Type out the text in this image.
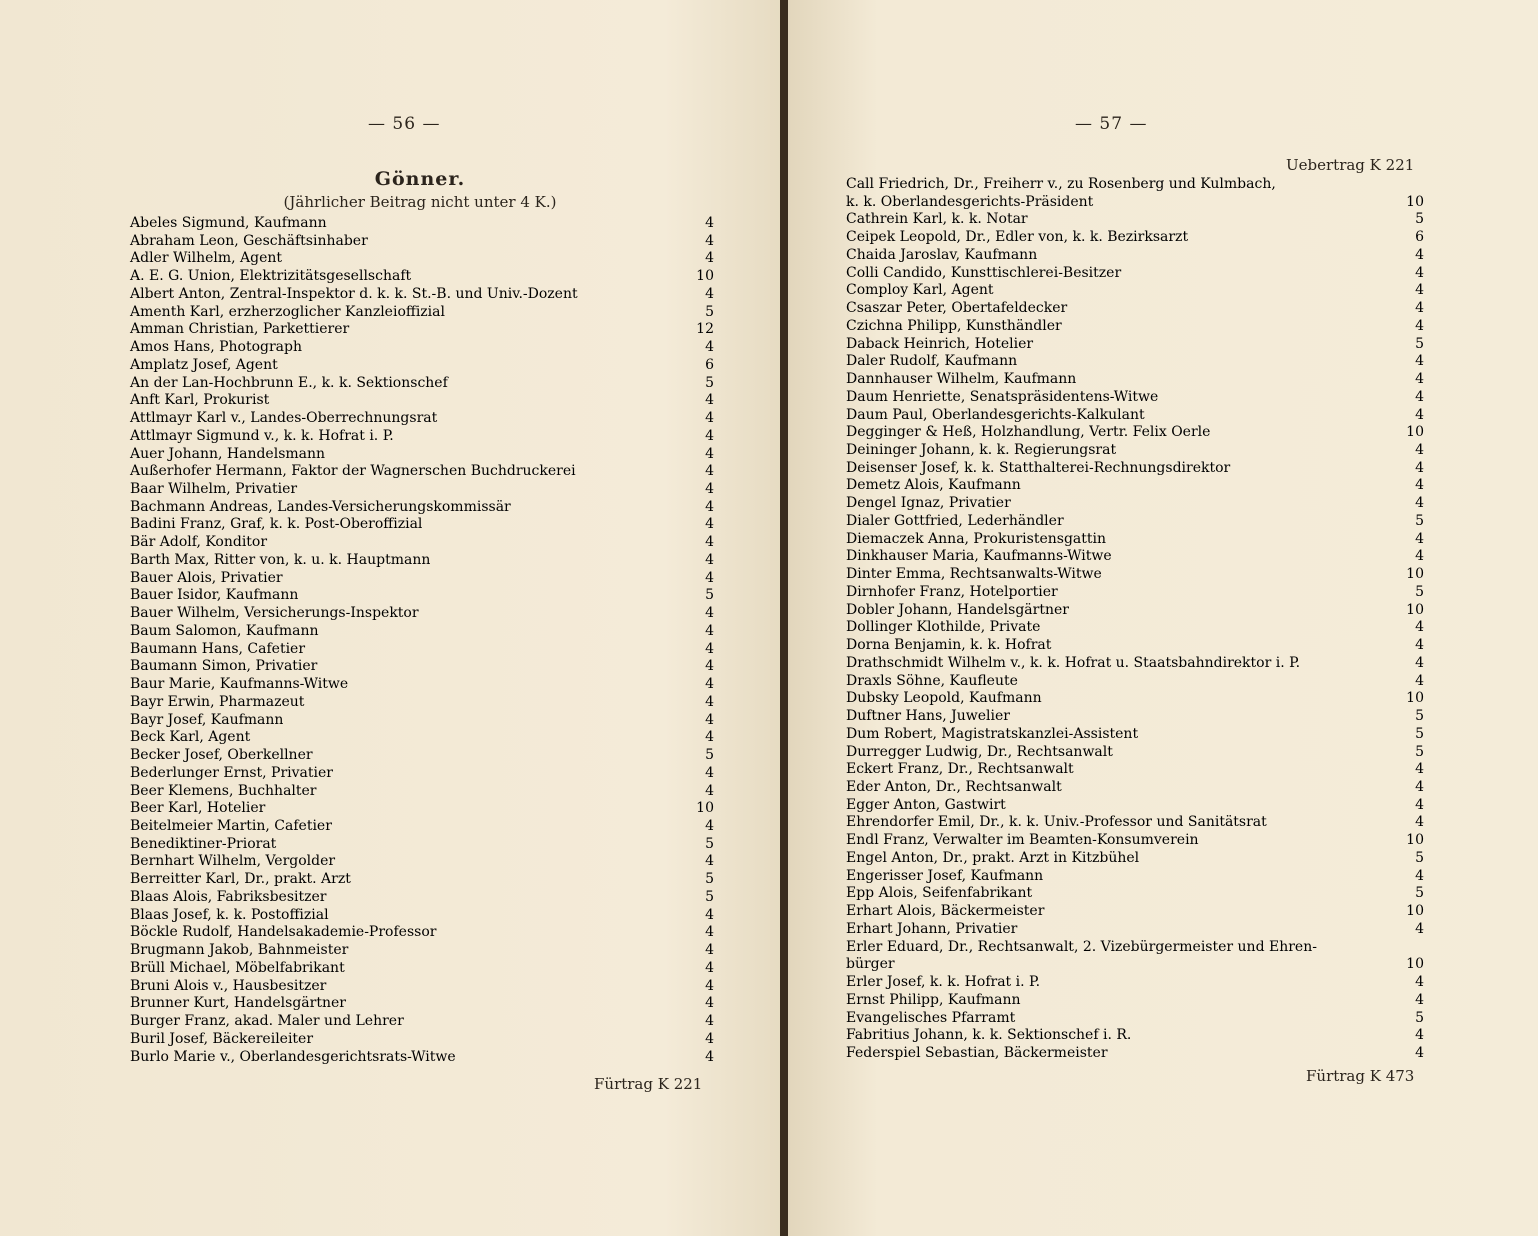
— 56 —
Gönner.
(Jährlicher Beitrag nicht unter 4 K.)
Fürtrag K 221
— 57 —
Uebertrag K 221
Fürtrag K 473
Abeles Sigmund, Kaufmann	4
Abraham Leon, Geschäftsinhaber	4
Adler Wilhelm, Agent	4
A. E. G. Union, Elektrizitätsgesellschaft	10
Albert Anton, Zentral-Inspektor d. k. k. St.-B. und Univ.-Dozent	4
Amenth Karl, erzherzoglicher Kanzleioffizial	5
Amman Christian, Parkettierer	12
Amos Hans, Photograph	4
Amplatz Josef, Agent	6
An der Lan-Hochbrunn E., k. k. Sektionschef	5
Anft Karl, Prokurist	4
Attlmayr Karl v., Landes-Oberrechnungsrat	4
Attlmayr Sigmund v., k. k. Hofrat i. P.	4
Auer Johann, Handelsmann	4
Außerhofer Hermann, Faktor der Wagnerschen Buchdruckerei	4
Baar Wilhelm, Privatier	4
Bachmann Andreas, Landes-Versicherungskommissär	4
Badini Franz, Graf, k. k. Post-Oberoffizial	4
Bär Adolf, Konditor	4
Barth Max, Ritter von, k. u. k. Hauptmann	4
Bauer Alois, Privatier	4
Bauer Isidor, Kaufmann	5
Bauer Wilhelm, Versicherungs-Inspektor	4
Baum Salomon, Kaufmann	4
Baumann Hans, Cafetier	4
Baumann Simon, Privatier	4
Baur Marie, Kaufmanns-Witwe	4
Bayr Erwin, Pharmazeut	4
Bayr Josef, Kaufmann	4
Beck Karl, Agent	4
Becker Josef, Oberkellner	5
Bederlunger Ernst, Privatier	4
Beer Klemens, Buchhalter	4
Beer Karl, Hotelier	10
Beitelmeier Martin, Cafetier	4
Benediktiner-Priorat	5
Bernhart Wilhelm, Vergolder	4
Berreitter Karl, Dr., prakt. Arzt	5
Blaas Alois, Fabriksbesitzer	5
Blaas Josef, k. k. Postoffizial	4
Böckle Rudolf, Handelsakademie-Professor	4
Brugmann Jakob, Bahnmeister	4
Brüll Michael, Möbelfabrikant	4
Bruni Alois v., Hausbesitzer	4
Brunner Kurt, Handelsgärtner	4
Burger Franz, akad. Maler und Lehrer	4
Buril Josef, Bäckereileiter	4
Burlo Marie v., Oberlandesgerichtsrats-Witwe	4
Call Friedrich, Dr., Freiherr v., zu Rosenberg und Kulmbach,
k. k. Oberlandesgerichts-Präsident	10
Cathrein Karl, k. k. Notar	5
Ceipek Leopold, Dr., Edler von, k. k. Bezirksarzt	6
Chaida Jaroslav, Kaufmann	4
Colli Candido, Kunsttischlerei-Besitzer	4
Comploy Karl, Agent	4
Csaszar Peter, Obertafeldecker	4
Czichna Philipp, Kunsthändler	4
Daback Heinrich, Hotelier	5
Daler Rudolf, Kaufmann	4
Dannhauser Wilhelm, Kaufmann	4
Daum Henriette, Senatspräsidentens-Witwe	4
Daum Paul, Oberlandesgerichts-Kalkulant	4
Degginger & Heß, Holzhandlung, Vertr. Felix Oerle	10
Deininger Johann, k. k. Regierungsrat	4
Deisenser Josef, k. k. Statthalterei-Rechnungsdirektor	4
Demetz Alois, Kaufmann	4
Dengel Ignaz, Privatier	4
Dialer Gottfried, Lederhändler	5
Diemaczek Anna, Prokuristensgattin	4
Dinkhauser Maria, Kaufmanns-Witwe	4
Dinter Emma, Rechtsanwalts-Witwe	10
Dirnhofer Franz, Hotelportier	5
Dobler Johann, Handelsgärtner	10
Dollinger Klothilde, Private	4
Dorna Benjamin, k. k. Hofrat	4
Drathschmidt Wilhelm v., k. k. Hofrat u. Staatsbahndirektor i. P.	4
Draxls Söhne, Kaufleute	4
Dubsky Leopold, Kaufmann	10
Duftner Hans, Juwelier	5
Dum Robert, Magistratskanzlei-Assistent	5
Durregger Ludwig, Dr., Rechtsanwalt	5
Eckert Franz, Dr., Rechtsanwalt	4
Eder Anton, Dr., Rechtsanwalt	4
Egger Anton, Gastwirt	4
Ehrendorfer Emil, Dr., k. k. Univ.-Professor und Sanitätsrat	4
Endl Franz, Verwalter im Beamten-Konsumverein	10
Engel Anton, Dr., prakt. Arzt in Kitzbühel	5
Engerisser Josef, Kaufmann	4
Epp Alois, Seifenfabrikant	5
Erhart Alois, Bäckermeister	10
Erhart Johann, Privatier	4
Erler Eduard, Dr., Rechtsanwalt, 2. Vizebürgermeister und Ehren-
bürger	10
Erler Josef, k. k. Hofrat i. P.	4
Ernst Philipp, Kaufmann	4
Evangelisches Pfarramt	5
Fabritius Johann, k. k. Sektionschef i. R.	4
Federspiel Sebastian, Bäckermeister	4
